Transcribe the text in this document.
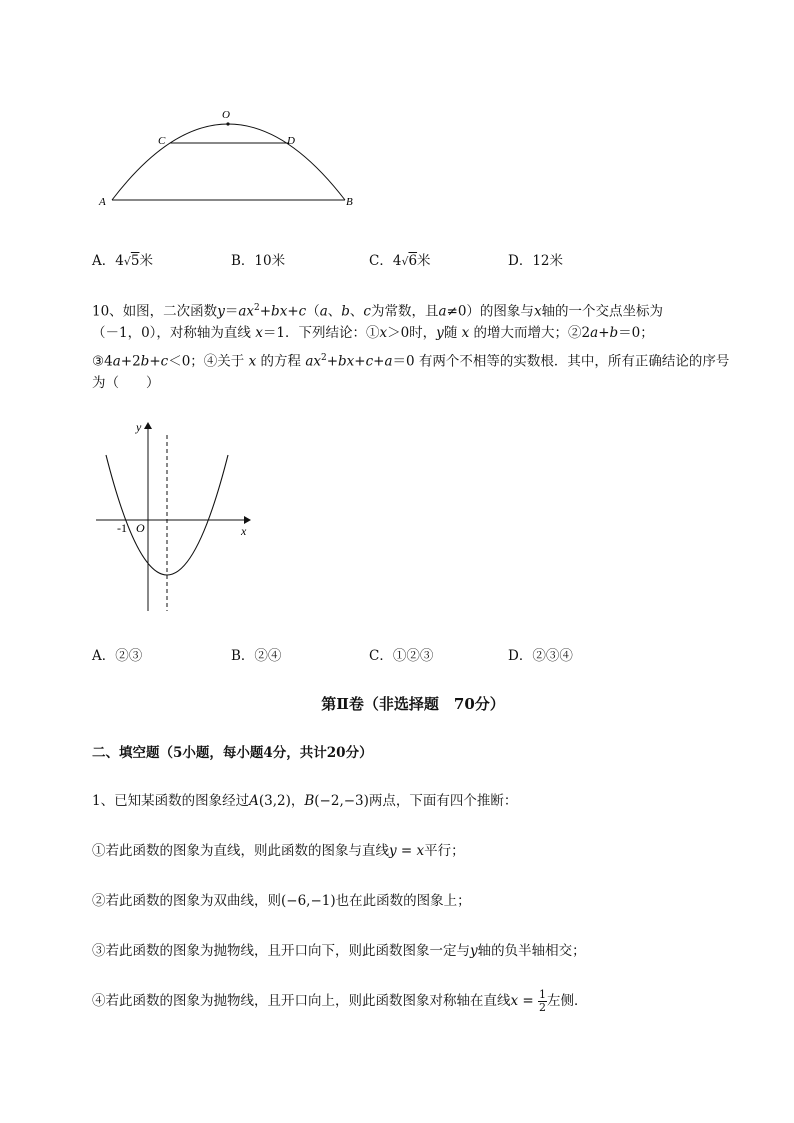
O
C	D
A	B
A．4√5米	B．10米	C．4√6米	D．12米
10、如图，二次函数$y=ax^2+bx+c(a$、b、c为常数，且a≠0）的图象与x轴的一个交点坐标为
（－1，0），对称轴为直线 x＝1．下列结论：①x＞0时，y随 x 的增大而增大；②2a+b＝0；
③4a+2b+c＜0；④关于 x 的方程 $ax^2+bx+c+a=0$ 有两个不相等的实数根．其中，所有正确结论的序号
为（　　）
y
x
-1 O
A．②③	B．②④	C．①②③	D．②③④
第Ⅱ卷（非选择题　70分）
二、填空题（5小题，每小题4分，共计20分）
1、已知某函数的图象经过A(3,2)，B(−2,−3)两点，下面有四个推断：
①若此函数的图象为直线，则此函数的图象与直线y = x平行；
②若此函数的图象为双曲线，则(−6,−1)也在此函数的图象上；
③若此函数的图象为抛物线，且开口向下，则此函数图象一定与y轴的负半轴相交；
④若此函数的图象为抛物线，且开口向上，则此函数图象对称轴在直线$x = \frac{1}{2}$ 左侧．
